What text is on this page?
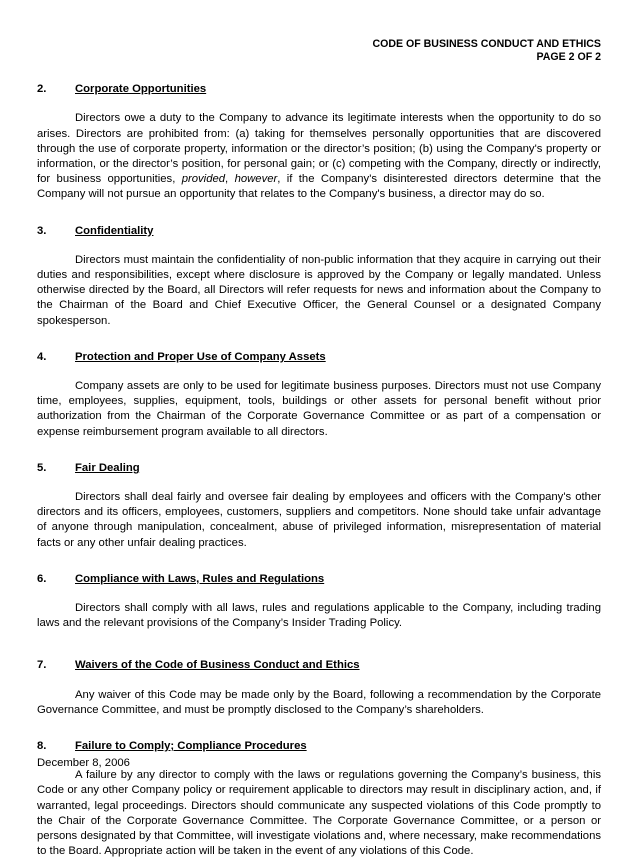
CODE OF BUSINESS CONDUCT AND ETHICS
PAGE 2 OF 2
2.	Corporate Opportunities
Directors owe a duty to the Company to advance its legitimate interests when the opportunity to do so arises. Directors are prohibited from: (a) taking for themselves personally opportunities that are discovered through the use of corporate property, information or the director’s position; (b) using the Company's property or information, or the director’s position, for personal gain; or (c) competing with the Company, directly or indirectly, for business opportunities, provided, however, if the Company's disinterested directors determine that the Company will not pursue an opportunity that relates to the Company's business, a director may do so.
3.	Confidentiality
Directors must maintain the confidentiality of non-public information that they acquire in carrying out their duties and responsibilities, except where disclosure is approved by the Company or legally mandated. Unless otherwise directed by the Board, all Directors will refer requests for news and information about the Company to the Chairman of the Board and Chief Executive Officer, the General Counsel or a designated Company spokesperson.
4.	Protection and Proper Use of Company Assets
Company assets are only to be used for legitimate business purposes. Directors must not use Company time, employees, supplies, equipment, tools, buildings or other assets for personal benefit without prior authorization from the Chairman of the Corporate Governance Committee or as part of a compensation or expense reimbursement program available to all directors.
5.	Fair Dealing
Directors shall deal fairly and oversee fair dealing by employees and officers with the Company's other directors and its officers, employees, customers, suppliers and competitors. None should take unfair advantage of anyone through manipulation, concealment, abuse of privileged information, misrepresentation of material facts or any other unfair dealing practices.
6.	Compliance with Laws, Rules and Regulations
Directors shall comply with all laws, rules and regulations applicable to the Company, including trading laws and the relevant provisions of the Company’s Insider Trading Policy.
7.	Waivers of the Code of Business Conduct and Ethics
Any waiver of this Code may be made only by the Board, following a recommendation by the Corporate Governance Committee, and must be promptly disclosed to the Company’s shareholders.
8.	Failure to Comply; Compliance Procedures
A failure by any director to comply with the laws or regulations governing the Company’s business, this Code or any other Company policy or requirement applicable to directors may result in disciplinary action, and, if warranted, legal proceedings. Directors should communicate any suspected violations of this Code promptly to the Chair of the Corporate Governance Committee. The Corporate Governance Committee, or a person or persons designated by that Committee, will investigate violations and, where necessary, make recommendations to the Board. Appropriate action will be taken in the event of any violations of this Code.
December 8, 2006
